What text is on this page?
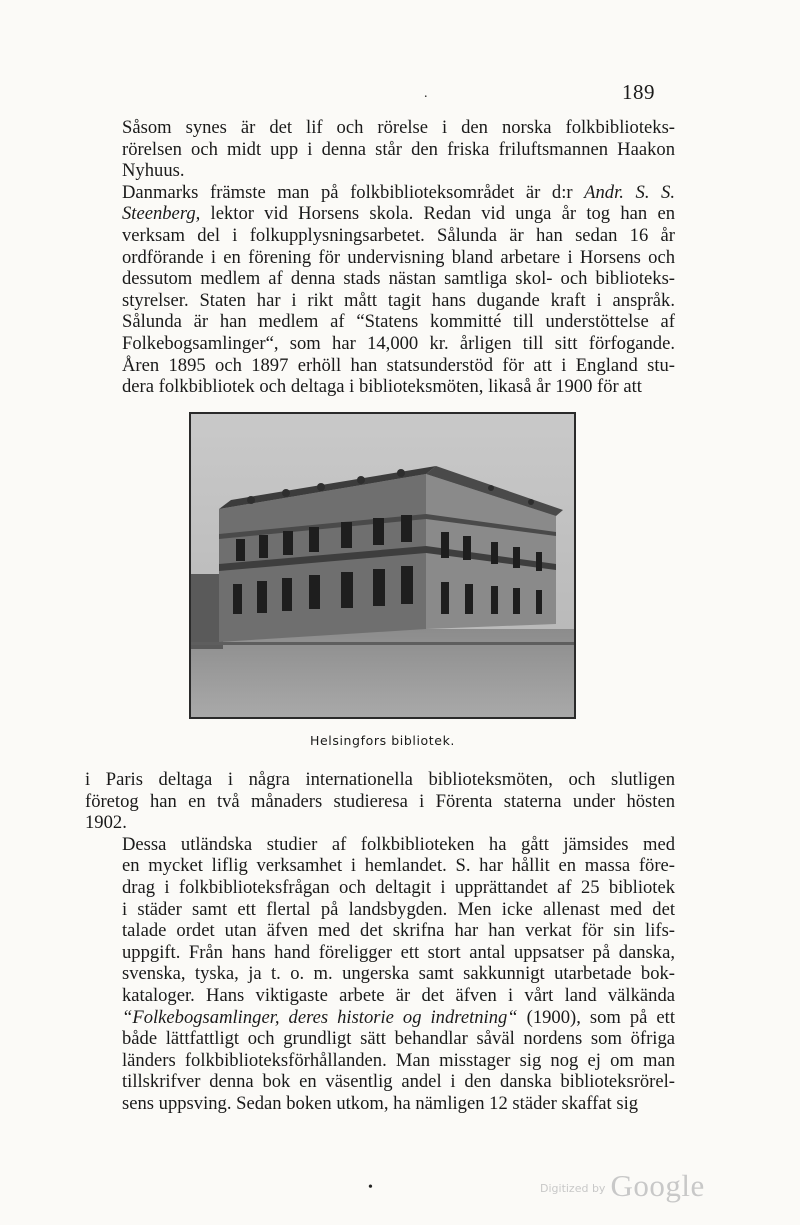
.	189

Såsom synes är det lif och rörelse i den norska folkbiblioteks-
rörelsen och midt upp i denna står den friska friluftsmannen Haakon
Nyhuus.

Danmarks främste man på folkbiblioteksområdet är d:r Andr. S. S.
Steenberg, lektor vid Horsens skola. Redan vid unga år tog han en
verksam del i folkupplysningsarbetet. Sålunda är han sedan 16 år
ordförande i en förening för undervisning bland arbetare i Horsens och
dessutom medlem af denna stads nästan samtliga skol- och biblioteks-
styrelser. Staten har i rikt mått tagit hans dugande kraft i anspråk.
Sålunda är han medlem af “Statens kommitté till understöttelse af
Folkebogsamlinger“, som har 14,000 kr. årligen till sitt förfogande.
Åren 1895 och 1897 erhöll han statsunderstöd för att i England stu-
dera folkbibliotek och deltaga i biblioteksmöten, likaså år 1900 för att

Helsingfors bibliotek.

i Paris deltaga i några internationella biblioteksmöten, och slutligen
företog han en två månaders studieresa i Förenta staterna under hösten
1902.

Dessa utländska studier af folkbiblioteken ha gått jämsides med
en mycket liflig verksamhet i hemlandet. S. har hållit en massa före-
drag i folkbiblioteksfrågan och deltagit i upprättandet af 25 bibliotek
i städer samt ett flertal på landsbygden. Men icke allenast med det
talade ordet utan äfven med det skrifna har han verkat för sin lifs-
uppgift. Från hans hand föreligger ett stort antal uppsatser på danska,
svenska, tyska, ja t. o. m. ungerska samt sakkunnigt utarbetade bok-
kataloger. Hans viktigaste arbete är det äfven i vårt land välkända
“Folkebogsamlinger, deres historie og indretning“ (1900), som på ett
både lättfattligt och grundligt sätt behandlar såväl nordens som öfriga
länders folkbiblioteksförhållanden. Man misstager sig nog ej om man
tillskrifver denna bok en väsentlig andel i den danska biblioteksrörel-
sens uppsving. Sedan boken utkom, ha nämligen 12 städer skaffat sig

•	$^{Digitized by}$ Google
